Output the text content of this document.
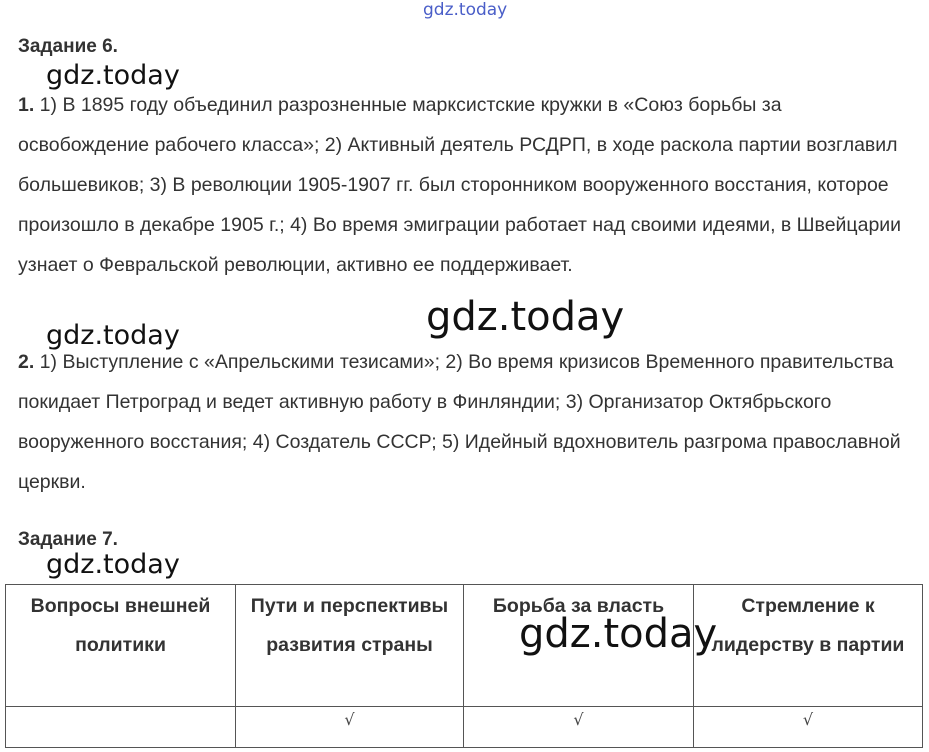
gdz.today
gdz.today
Задание 6.

1. 1) В 1895 году объединил разрозненные марксистские кружки в «Союз борьбы за освобождение рабочего класса»; 2) Активный деятель РСДРП, в ходе раскола партии возглавил большевиков; 3) В революции 1905-1907 гг. был сторонником вооруженного восстания, которое произошло в декабре 1905 г.; 4) Во время эмиграции работает над своими идеями, в Швейцарии узнает о Февральской революции, активно ее поддерживает.

gdz.today
gdz.today

2. 1) Выступление с «Апрельскими тезисами»; 2) Во время кризисов Временного правительства покидает Петроград и ведет активную работу в Финляндии; 3) Организатор Октябрьского вооруженного восстания; 4) Создатель СССР; 5) Идейный вдохновитель разгрома православной церкви.

Задание 7.
gdz.today
Вопросы внешней политики	Пути и перспективы развития страны	Борьба за власть	Стремление к лидерству в партии
	√	√	√
gdz.today
